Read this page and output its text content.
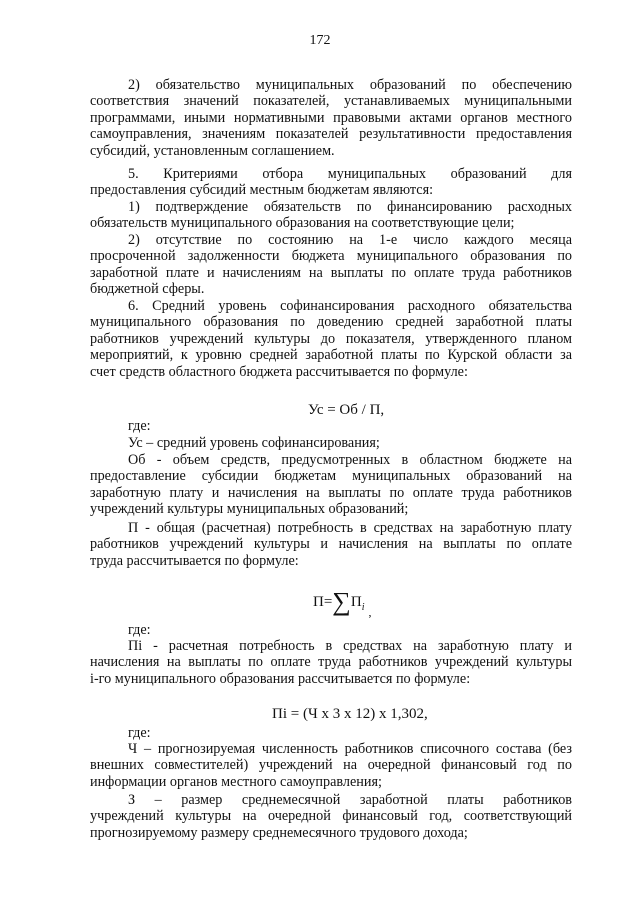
172
2) обязательство муниципальных образований по обеспечению
соответствия значений показателей, устанавливаемых муниципальными
программами, иными нормативными правовыми актами органов местного
самоуправления, значениям показателей результативности предоставления
субсидий, установленным соглашением.
5. Критериями отбора муниципальных образований для
предоставления субсидий местным бюджетам являются:
1) подтверждение обязательств по финансированию расходных
обязательств муниципального образования на соответствующие цели;
2) отсутствие по состоянию на 1-е число каждого месяца
просроченной задолженности бюджета муниципального образования по
заработной плате и начислениям на выплаты по оплате труда работников
бюджетной сферы.
6. Средний уровень софинансирования расходного обязательства
муниципального образования по доведению средней заработной платы
работников учреждений культуры до показателя, утвержденного планом
мероприятий, к уровню средней заработной платы по Курской области за
счет средств областного бюджета рассчитывается по формуле:
Ус = Об / П,
где:
Ус – средний уровень софинансирования;
Об - объем средств, предусмотренных в областном бюджете на
предоставление субсидии бюджетам муниципальных образований на
заработную плату и начисления на выплаты по оплате труда работников
учреждений культуры муниципальных образований;
П - общая (расчетная) потребность в средствах на заработную плату
работников учреждений культуры и начисления на выплаты по оплате
труда рассчитывается по формуле:
$П=\sum П_i$ $_,$
где:
Пi - расчетная потребность в средствах на заработную плату и
начисления на выплаты по оплате труда работников учреждений культуры
i-го муниципального образования рассчитывается по формуле:
Пi = (Ч х 3 х 12) х 1,302,
где:
Ч – прогнозируемая численность работников списочного состава (без
внешних совместителей) учреждений на очередной финансовый год по
информации органов местного самоуправления;
З – размер среднемесячной заработной платы работников
учреждений культуры на очередной финансовый год, соответствующий
прогнозируемому размеру среднемесячного трудового дохода;
